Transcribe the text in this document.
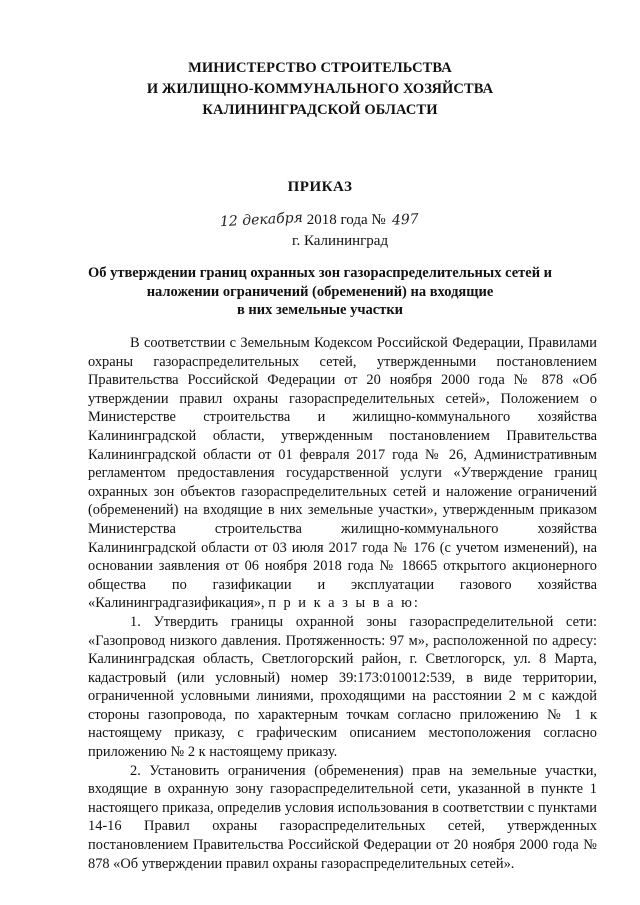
МИНИСТЕРСТВО СТРОИТЕЛЬСТВА
И ЖИЛИЩНО-КОММУНАЛЬНОГО ХОЗЯЙСТВА
КАЛИНИНГРАДСКОЙ ОБЛАСТИ
ПРИКАЗ
12 декабря 2018 года № 497
г. Калининград
Об утверждении границ охранных зон газораспределительных сетей и
наложении ограничений (обременений) на входящие
в них земельные участки

В соответствии с Земельным Кодексом Российской Федерации, Правилами охраны газораспределительных сетей, утвержденными постановлением Правительства Российской Федерации от 20 ноября 2000 года № 878 «Об утверждении правил охраны газораспределительных сетей», Положением о Министерстве строительства и жилищно-коммунального хозяйства Калининградской области, утвержденным постановлением Правительства Калининградской области от 01 февраля 2017 года № 26, Административным регламентом предоставления государственной услуги «Утверждение границ охранных зон объектов газораспределительных сетей и наложение ограничений (обременений) на входящие в них земельные участки», утвержденным приказом Министерства строительства жилищно-коммунального хозяйства Калининградской области от 03 июля 2017 года № 176 (с учетом изменений), на основании заявления от 06 ноября 2018 года № 18665 открытого акционерного общества по газификации и эксплуатации газового хозяйства «Калининградгазификация», п р и к а з ы в а ю:

1. Утвердить границы охранной зоны газораспределительной сети: «Газопровод низкого давления. Протяженность: 97 м», расположенной по адресу: Калининградская область, Светлогорский район, г. Светлогорск, ул. 8 Марта, кадастровый (или условный) номер 39:173:010012:539, в виде территории, ограниченной условными линиями, проходящими на расстоянии 2 м с каждой стороны газопровода, по характерным точкам согласно приложению № 1 к настоящему приказу, с графическим описанием местоположения согласно приложению № 2 к настоящему приказу.

2. Установить ограничения (обременения) прав на земельные участки, входящие в охранную зону газораспределительной сети, указанной в пункте 1 настоящего приказа, определив условия использования в соответствии с пунктами 14-16 Правил охраны газораспределительных сетей, утвержденных постановлением Правительства Российской Федерации от 20 ноября 2000 года № 878 «Об утверждении правил охраны газораспределительных сетей».
